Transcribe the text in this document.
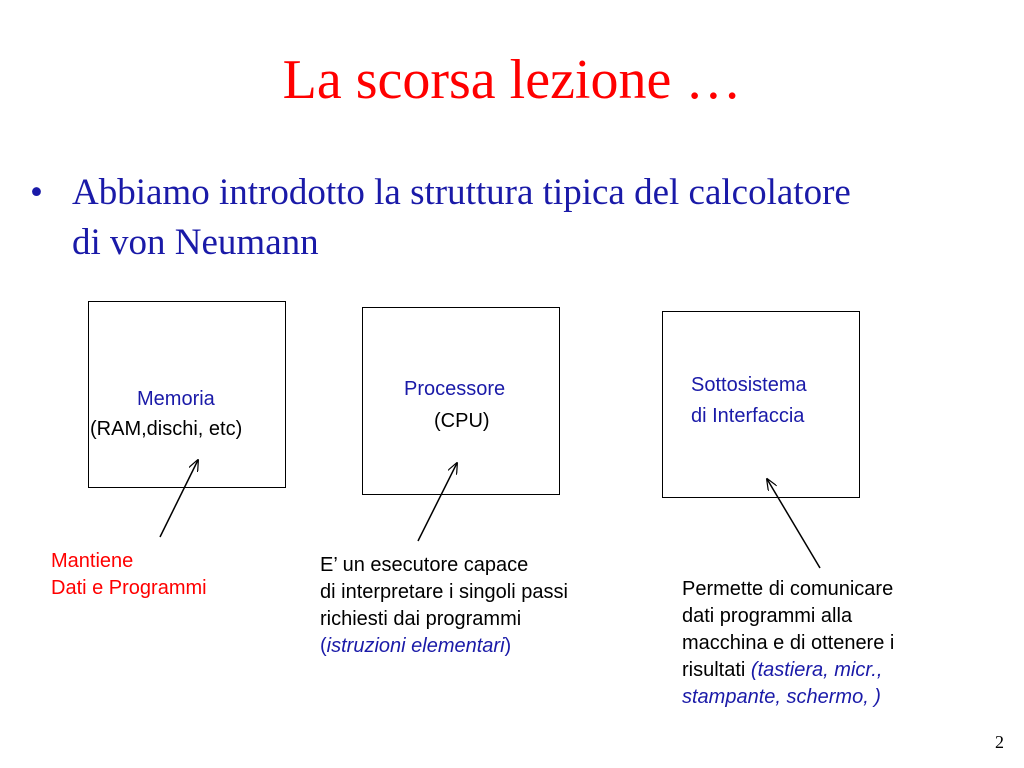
La scorsa lezione …
• Abbiamo introdotto la struttura tipica del calcolatore di von Neumann
Memoria
(RAM,dischi, etc)
Processore
(CPU)
Sottosistema
di Interfaccia
Mantiene
Dati e Programmi
E’ un esecutore capace
di interpretare i singoli passi
richiesti dai programmi
(istruzioni elementari)
Permette di comunicare
dati programmi alla
macchina e di ottenere i
risultati (tastiera, micr.,
stampante, schermo, )
2
